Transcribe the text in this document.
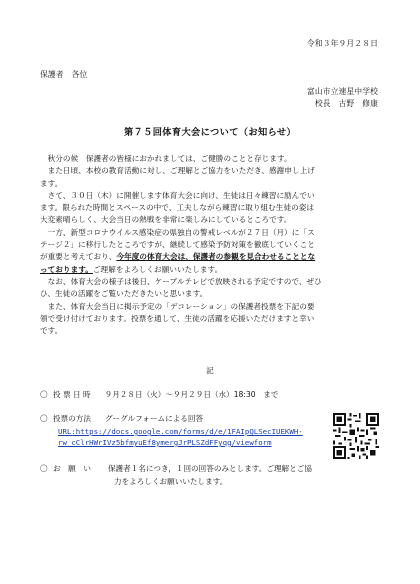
令和３年９月２８日
保護者　各位
富山市立速星中学校
校長　古野　修康
第７５回体育大会について（お知らせ）
　秋分の候　保護者の皆様におかれましては、ご健勝のことと存じます。
　また日頃、本校の教育活動に対し、ご理解とご協力をいただき、感謝申し上げ
ます。
　さて、３０日（木）に開催します体育大会に向け、生徒は日々練習に励んでい
ます。限られた時間とスペースの中で、工夫しながら練習に取り組む生徒の姿は
大変素晴らしく、大会当日の熱戦を非常に楽しみにしているところです。
　一方、新型コロナウイルス感染症の県独自の警戒レベルが２７日（月）に「ス
テージ２」に移行したところですが、継続して感染予防対策を徹底していくこと
が重要と考えており、今年度の体育大会は、保護者の参観を見合わせることとな
っております。ご理解をよろしくお願いいたします。
　なお、体育大会の様子は後日、ケーブルテレビで放映される予定ですので、ぜひ
ひ、生徒の活躍をご覧いただきたいと思います。
　また、体育大会当日に掲示予定の「デコレーション」の保護者投票を下記の要
領で受け付けております。投票を通して、生徒の活躍を応援いただけますと幸い
です。
記
〇 投 票 日 時 ９月２８日（火）～９月２９日（水）18:30　まで
〇 投票の方法 グーグルフォームによる回答
URL:https://docs.google.com/forms/d/e/1FAIpQLSecIUEKWH-
rw_cClrHWrIVz5bfmyuEf8ymergJrPLSZdFFyqg/viewform
〇 お　願　い 保護者１名につき，１回の回答のみとします。ご理解とご協
力をよろしくお願いいたします。
